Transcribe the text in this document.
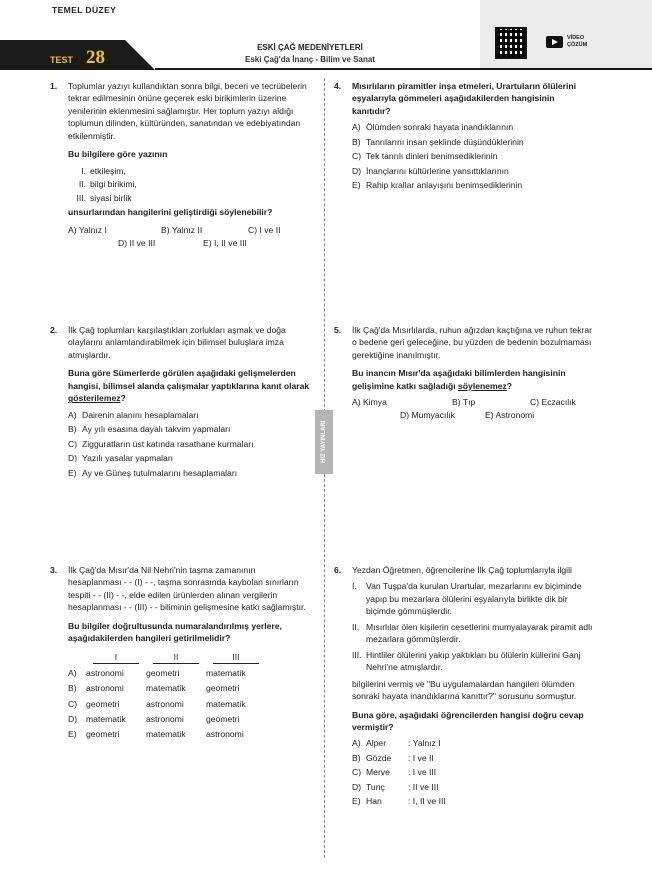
TEMEL DÜZEY
VİDEO
ÇÖZÜM
TEST 28	ESKİ ÇAĞ MEDENİYETLERİ
Eski Çağ'da İnanç - Bilim ve Sanat
HIZ YAYINLARI
1. Toplumlar yazıyı kullandıktan sonra bilgi, beceri ve tecrübelerin tekrar edilmesinin önüne geçerek eski birikimlerin üzerine yenilerinin eklenmesini sağlamıştır. Her toplum yazıyı aldığı toplumun dilinden, kültüründen, sanatından ve edebiyatından etkilenmiştir.
Bu bilgilere göre yazının
I. etkileşim,
II. bilgi birikimi,
III. siyasi birlik
unsurlarından hangilerini geliştirdiği söylenebilir?
A) Yalnız I	B) Yalnız II	C) I ve II
D) II ve III	E) I, II ve III
2. İlk Çağ toplumları karşılaştıkları zorlukları aşmak ve doğa olaylarını anlamlandırabilmek için bilimsel buluşlara imza atmışlardır.
Buna göre Sümerlerde görülen aşağıdaki gelişmelerden hangisi, bilimsel alanda çalışmalar yaptıklarına kanıt olarak gösterilemez?
A) Dairenin alanını hesaplamaları
B) Ay yılı esasına dayalı takvim yapmaları
C) Zigguratların üst katında rasathane kurmaları
D) Yazılı yasalar yapmaları
E) Ay ve Güneş tutulmalarını hesaplamaları
3. İlk Çağ'da Mısır'da Nil Nehri'nin taşma zamanının hesaplanması - - (I) - -, taşma sonrasında kaybolan sınırların tespiti - - (II) - -, elde edilen ürünlerden alınan vergilerin hesaplanması - - (III) - - biliminin gelişmesine katkı sağlamıştır.
Bu bilgiler doğrultusunda numaralandırılmış yerlere, aşağıdakilerden hangileri getirilmelidir?
	I	II	III
A)	astronomi	geometri	matematik
B)	astronomi	matematik	geometri
C)	geometri	astronomi	matematik
D)	matematik	astronomi	geometri
E)	geometri	matematik	astronomi
4. Mısırlıların piramitler inşa etmeleri, Urartuların ölülerini eşyalarıyla gömmeleri aşağıdakilerden hangisinin kanıtıdır?
A) Ölümden sonraki hayata inandıklarının
B) Tanrılarını insan şeklinde düşündüklerinin
C) Tek tanrılı dinleri benimsediklerinin
D) İnançlarını kültürlerine yansıttıklarının
E) Rahip krallar anlayışını benimsediklerinin
5. İlk Çağ'da Mısırlılarda, ruhun ağızdan kaçtığına ve ruhun tekrar o bedene geri geleceğine, bu yüzden de bedenin bozulmaması gerektiğine inanılmıştır.
Bu inancın Mısır'da aşağıdaki bilimlerden hangisinin gelişimine katkı sağladığı söylenemez?
A) Kimya	B) Tıp	C) Eczacılık
D) Mumyacılık	E) Astronomi
6. Yezdan Öğretmen, öğrencilerine İlk Çağ toplumlarıyla ilgili
I. Van Tuşpa'da kurulan Urartular, mezarlarını ev biçiminde yapıp bu mezarlara ölülerini eşyalarıyla birlikte dik bir biçimde gömmüşlerdir.
II. Mısırlılar ölen kişilerin cesetlerini mumyalayarak piramit adlı mezarlara gömmüşlerdir.
III. Hintliler ölülerini yakıp yaktıkları bu ölülerin küllerini Ganj Nehri'ne atmışlardır.
bilgilerini vermiş ve "Bu uygulamalardan hangileri ölümden sonraki hayata inandıklarına kanıttır?" sorusunu sormuştur.
Buna göre, aşağıdaki öğrencilerden hangisi doğru cevap vermiştir?
A) Alper	: Yalnız I
B) Gözde : I ve II
C) Merve : I ve III
D) Tunç	: II ve III
E) Han	: I, II ve III
